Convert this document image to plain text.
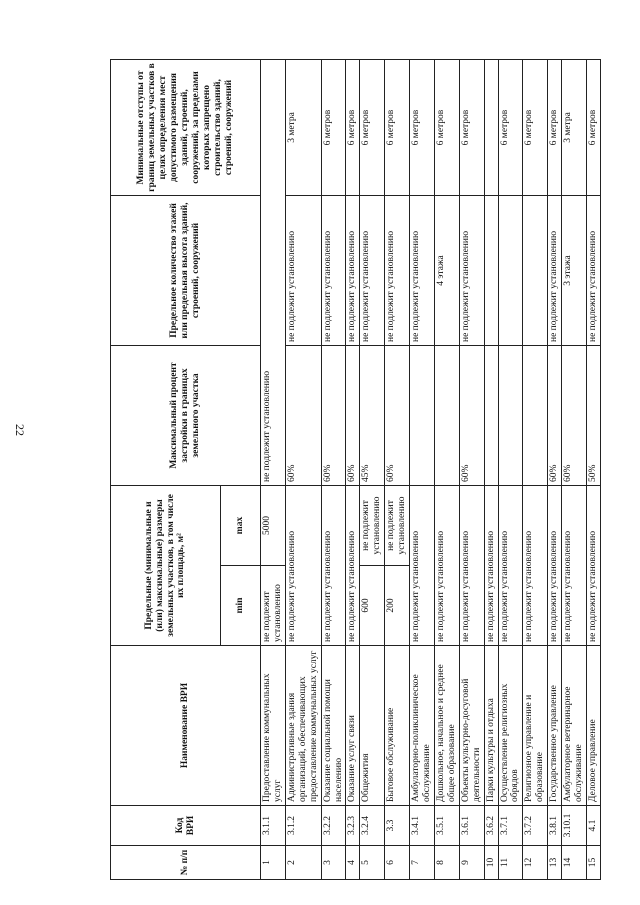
22
№ п/п	Код ВРИ	Наименование ВРИ	Предельные (минимальные и (или) максимальные) размеры земельных участков, в том числе их площадь, м²		Максимальный процент застройки в границах земельного участка	Предельное количество этажей или предельная высота зданий, строений, сооружений	Минимальные отступы от границ земельных участков в целях определения мест допустимого размещения зданий, строений, сооружений, за пределами которых запрещено строительство зданий, строений, сооружений
			min	max			
1	3.1.1	Предоставление коммунальных услуг	не подлежит установлению	5000	не подлежит установлению		
2	3.1.2	Административные здания организаций, обеспечивающих предоставление коммунальных услуг	не подлежит установлению		60%	не подлежит установлению	3 метра
3	3.2.2	Оказание социальной помощи населению	не подлежит установлению		60%	не подлежит установлению	6 метров
4	3.2.3	Оказание услуг связи	не подлежит установлению		60%	не подлежит установлению	6 метров
5	3.2.4	Общежития	600	не подлежит установлению	45%	не подлежит установлению	6 метров
6	3.3	Бытовое обслуживание	200	не подлежит установлению	60%	не подлежит установлению	6 метров
7	3.4.1	Амбулаторно-поликлиническое обслуживание	не подлежит установлению			не подлежит установлению	6 метров
8	3.5.1	Дошкольное, начальное и среднее общее образование	не подлежит установлению			4 этажа	6 метров
9	3.6.1	Объекты культурно-досуговой деятельности	не подлежит установлению		60%	не подлежит установлению	6 метров
10	3.6.2	Парки культуры и отдыха	не подлежит установлению				
11	3.7.1	Осуществление религиозных обрядов	не подлежит установлению				6 метров
12	3.7.2	Религиозное управление и образование	не подлежит установлению				6 метров
13	3.8.1	Государственное управление	не подлежит установлению		60%	не подлежит установлению	6 метров
14	3.10.1	Амбулаторное ветеринарное обслуживание	не подлежит установлению		60%	3 этажа	3 метра
15	4.1	Деловое управление	не подлежит установлению		50%	не подлежит установлению	6 метров
